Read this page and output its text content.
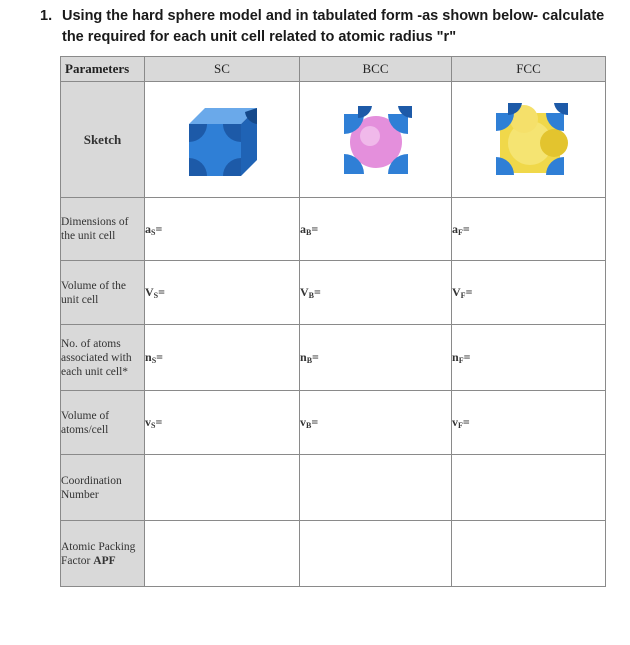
1. Using the hard sphere model and in tabulated form -as shown below- calculate the required for each unit cell related to atomic radius "r"
Parameters	SC	BCC	FCC
Sketch	

Dimensions of the unit cell	$a_S=$	$a_B=$	$a_F=$
Volume of the unit cell	$V_S=$	$V_B=$	$V_F=$
No. of atoms associated with each unit cell*	$n_S=$	$n_B=$	$n_F=$
Volume of atoms/cell	$v_S=$	$v_B=$	$v_F=$
Coordination Number			
Atomic Packing Factor APF			
